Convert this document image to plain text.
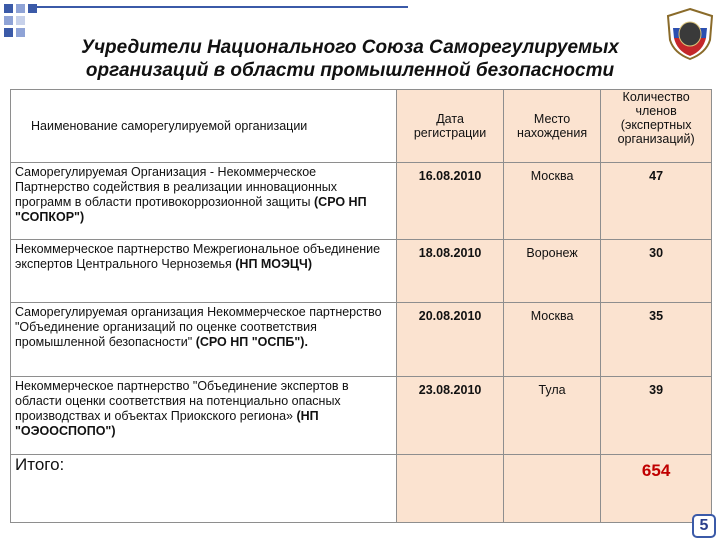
Учредители Национального Союза Саморегулируемых
организаций в области промышленной безопасности
Наименование саморегулируемой организации	Дата регистрации	Место нахождения	Количество членов (экспертных организаций)
Саморегулируемая Организация - Некоммерческое Партнерство содействия в реализации инновационных программ в области противокоррозионной защиты (СРО НП "СОПКОР")	16.08.2010	Москва	47
Некоммерческое партнерство Межрегиональное объединение экспертов Центрального Черноземья (НП МОЭЦЧ)	18.08.2010	Воронеж	30
Саморегулируемая организация Некоммерческое партнерство "Объединение организаций по оценке соответствия промышленной безопасности" (СРО НП "ОСПБ").	20.08.2010	Москва	35
Некоммерческое партнерство "Объединение экспертов в области оценки соответствия на потенциально опасных производствах и объектах Приокского региона» (НП "ОЭООСПОПО")	23.08.2010	Тула	39
Итого:			654
5
